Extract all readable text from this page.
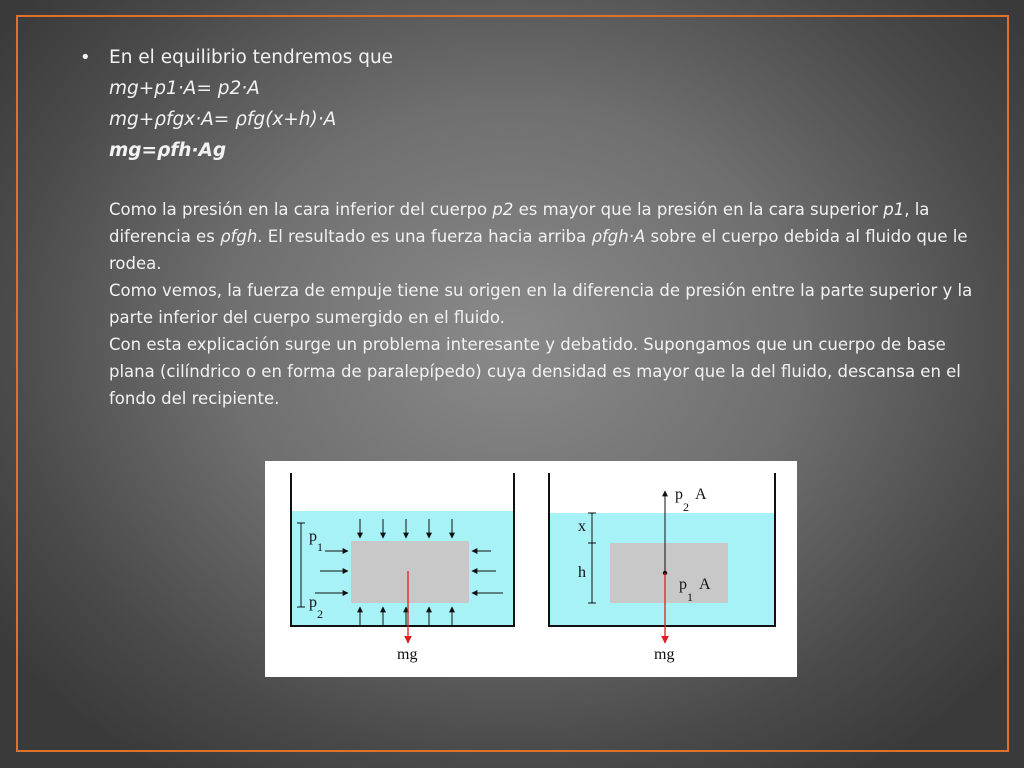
• En el equilibrio tendremos que
mg+p1·A= p2·A
mg+ρfgx·A= ρfg(x+h)·A
mg=ρfh·Ag
Como la presión en la cara inferior del cuerpo p2 es mayor que la presión en la cara superior p1, la diferencia es ρfgh. El resultado es una fuerza hacia arriba ρfgh·A sobre el cuerpo debida al fluido que le rodea.
Como vemos, la fuerza de empuje tiene su origen en la diferencia de presión entre la parte superior y la parte inferior del cuerpo sumergido en el fluido.
Con esta explicación surge un problema interesante y debatido. Supongamos que un cuerpo de base plana (cilíndrico o en forma de paralepípedo) cuya densidad es mayor que la del fluido, descansa en el fondo del recipiente.
p
1
p
2
mg
x
h
p
2
A
p
1
A
mg
